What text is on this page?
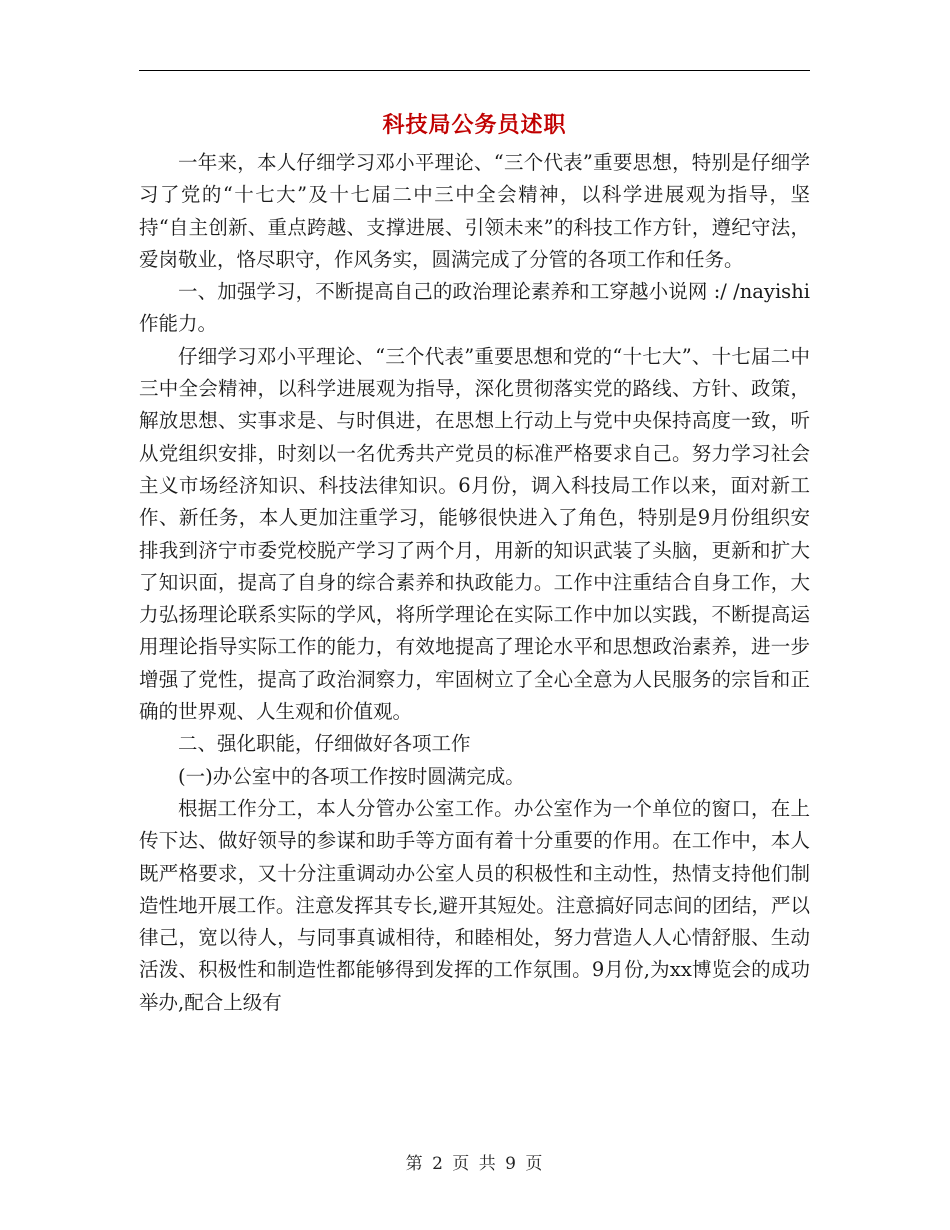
科技局公务员述职

一年来，本人仔细学习邓小平理论、“三个代表”重要思想，特别是仔细学习了党的“十七大”及十七届二中三中全会精神，以科学进展观为指导，坚持“自主创新、重点跨越、支撑进展、引领未来”的科技工作方针，遵纪守法，爱岗敬业，恪尽职守，作风务实，圆满完成了分管的各项工作和任务。

一、加强学习，不断提高自己的政治理论素养和工穿越小说网 :/ /nayishi作能力。

仔细学习邓小平理论、“三个代表”重要思想和党的“十七大”、十七届二中三中全会精神，以科学进展观为指导，深化贯彻落实党的路线、方针、政策，解放思想、实事求是、与时俱进，在思想上行动上与党中央保持高度一致，听从党组织安排，时刻以一名优秀共产党员的标准严格要求自己。努力学习社会主义市场经济知识、科技法律知识。6月份，调入科技局工作以来，面对新工作、新任务，本人更加注重学习，能够很快进入了角色，特别是9月份组织安排我到济宁市委党校脱产学习了两个月，用新的知识武装了头脑，更新和扩大了知识面，提高了自身的综合素养和执政能力。工作中注重结合自身工作，大力弘扬理论联系实际的学风，将所学理论在实际工作中加以实践，不断提高运用理论指导实际工作的能力，有效地提高了理论水平和思想政治素养，进一步增强了党性，提高了政治洞察力，牢固树立了全心全意为人民服务的宗旨和正确的世界观、人生观和价值观。

二、强化职能，仔细做好各项工作

(一)办公室中的各项工作按时圆满完成。

根据工作分工，本人分管办公室工作。办公室作为一个单位的窗口，在上传下达、做好领导的参谋和助手等方面有着十分重要的作用。在工作中，本人既严格要求，又十分注重调动办公室人员的积极性和主动性，热情支持他们制造性地开展工作。注意发挥其专长,避开其短处。注意搞好同志间的团结，严以律己，宽以待人，与同事真诚相待，和睦相处，努力营造人人心情舒服、生动活泼、积极性和制造性都能够得到发挥的工作氛围。9月份,为xx博览会的成功举办,配合上级有

第 2 页 共 9 页
